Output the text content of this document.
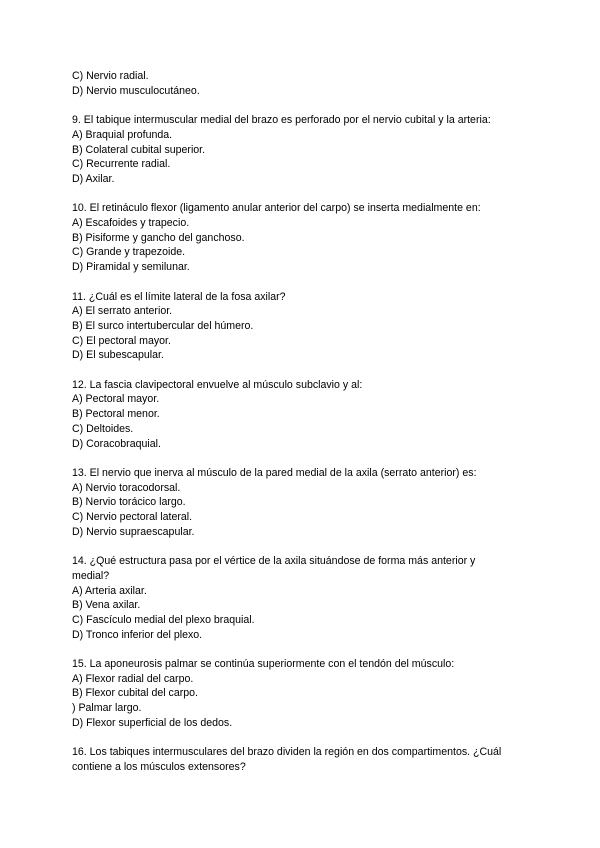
C) Nervio radial.
D) Nervio musculocutáneo.
9. El tabique intermuscular medial del brazo es perforado por el nervio cubital y la arteria:
A) Braquial profunda.
B) Colateral cubital superior.
C) Recurrente radial.
D) Axilar.
10. El retináculo flexor (ligamento anular anterior del carpo) se inserta medialmente en:
A) Escafoides y trapecio.
B) Pisiforme y gancho del ganchoso.
C) Grande y trapezoide.
D) Piramidal y semilunar.
11. ¿Cuál es el límite lateral de la fosa axilar?
A) El serrato anterior.
B) El surco intertubercular del húmero.
C) El pectoral mayor.
D) El subescapular.
12. La fascia clavipectoral envuelve al músculo subclavio y al:
A) Pectoral mayor.
B) Pectoral menor.
C) Deltoides.
D) Coracobraquial.
13. El nervio que inerva al músculo de la pared medial de la axila (serrato anterior) es:
A) Nervio toracodorsal.
B) Nervio torácico largo.
C) Nervio pectoral lateral.
D) Nervio supraescapular.
14. ¿Qué estructura pasa por el vértice de la axila situándose de forma más anterior y
medial?
A) Arteria axilar.
B) Vena axilar.
C) Fascículo medial del plexo braquial.
D) Tronco inferior del plexo.
15. La aponeurosis palmar se continúa superiormente con el tendón del músculo:
A) Flexor radial del carpo.
B) Flexor cubital del carpo.
) Palmar largo.
D) Flexor superficial de los dedos.
16. Los tabiques intermusculares del brazo dividen la región en dos compartimentos. ¿Cuál
contiene a los músculos extensores?
